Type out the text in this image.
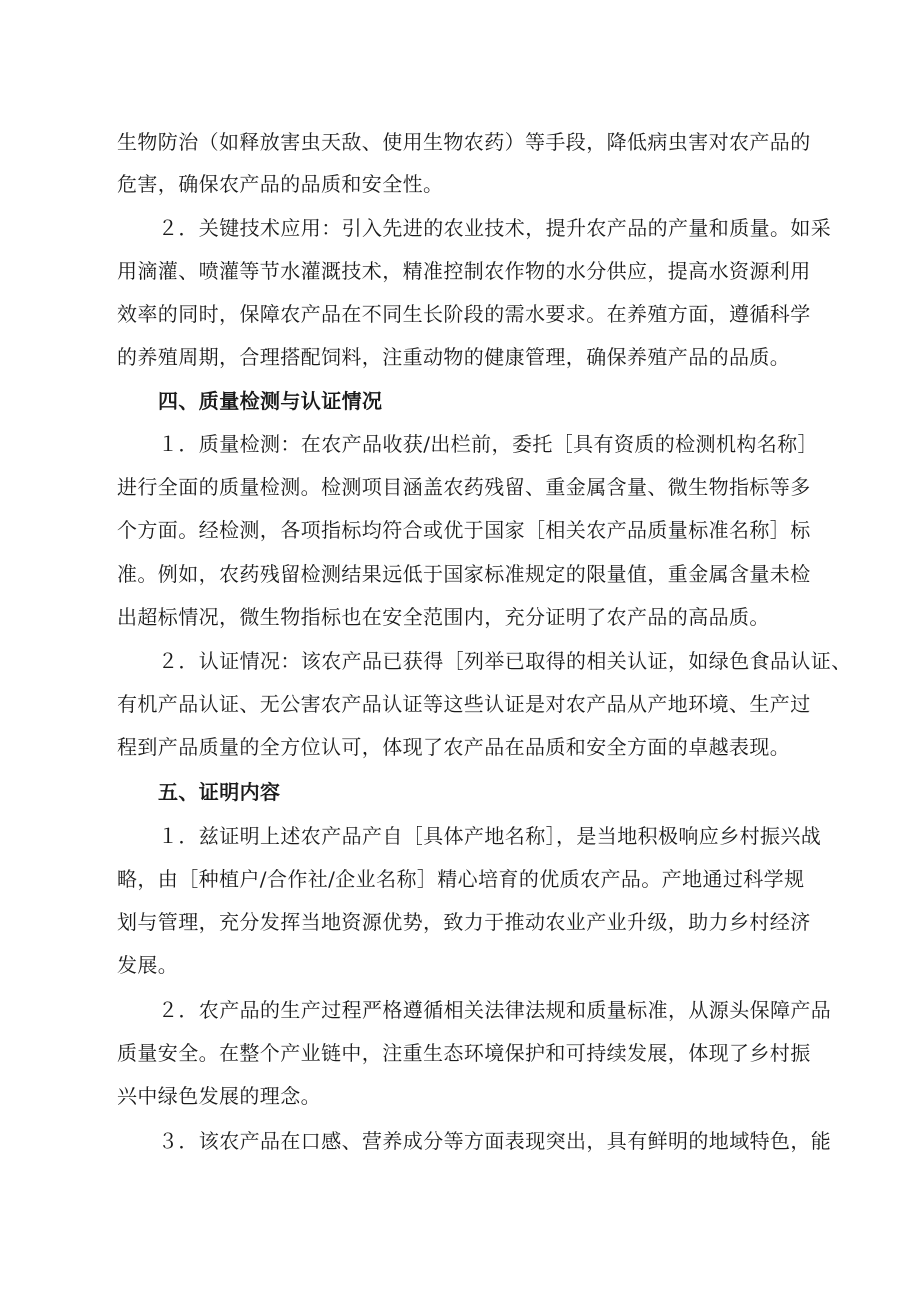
生物防治（如释放害虫天敌、使用生物农药）等手段，降低病虫害对农产品的
危害，确保农产品的品质和安全性。
２．关键技术应用：引入先进的农业技术，提升农产品的产量和质量。如采
用滴灌、喷灌等节水灌溉技术，精准控制农作物的水分供应，提高水资源利用
效率的同时，保障农产品在不同生长阶段的需水要求。在养殖方面，遵循科学
的养殖周期，合理搭配饲料，注重动物的健康管理，确保养殖产品的品质。
四、质量检测与认证情况
１．质量检测：在农产品收获/出栏前，委托［具有资质的检测机构名称］
进行全面的质量检测。检测项目涵盖农药残留、重金属含量、微生物指标等多
个方面。经检测，各项指标均符合或优于国家［相关农产品质量标准名称］标
准。例如，农药残留检测结果远低于国家标准规定的限量值，重金属含量未检
出超标情况，微生物指标也在安全范围内，充分证明了农产品的高品质。
２．认证情况：该农产品已获得［列举已取得的相关认证，如绿色食品认证、
有机产品认证、无公害农产品认证等这些认证是对农产品从产地环境、生产过
程到产品质量的全方位认可，体现了农产品在品质和安全方面的卓越表现。
五、证明内容
１．兹证明上述农产品产自［具体产地名称］，是当地积极响应乡村振兴战
略，由［种植户/合作社/企业名称］精心培育的优质农产品。产地通过科学规
划与管理，充分发挥当地资源优势，致力于推动农业产业升级，助力乡村经济
发展。
２．农产品的生产过程严格遵循相关法律法规和质量标准，从源头保障产品
质量安全。在整个产业链中，注重生态环境保护和可持续发展，体现了乡村振
兴中绿色发展的理念。
３．该农产品在口感、营养成分等方面表现突出，具有鲜明的地域特色，能
